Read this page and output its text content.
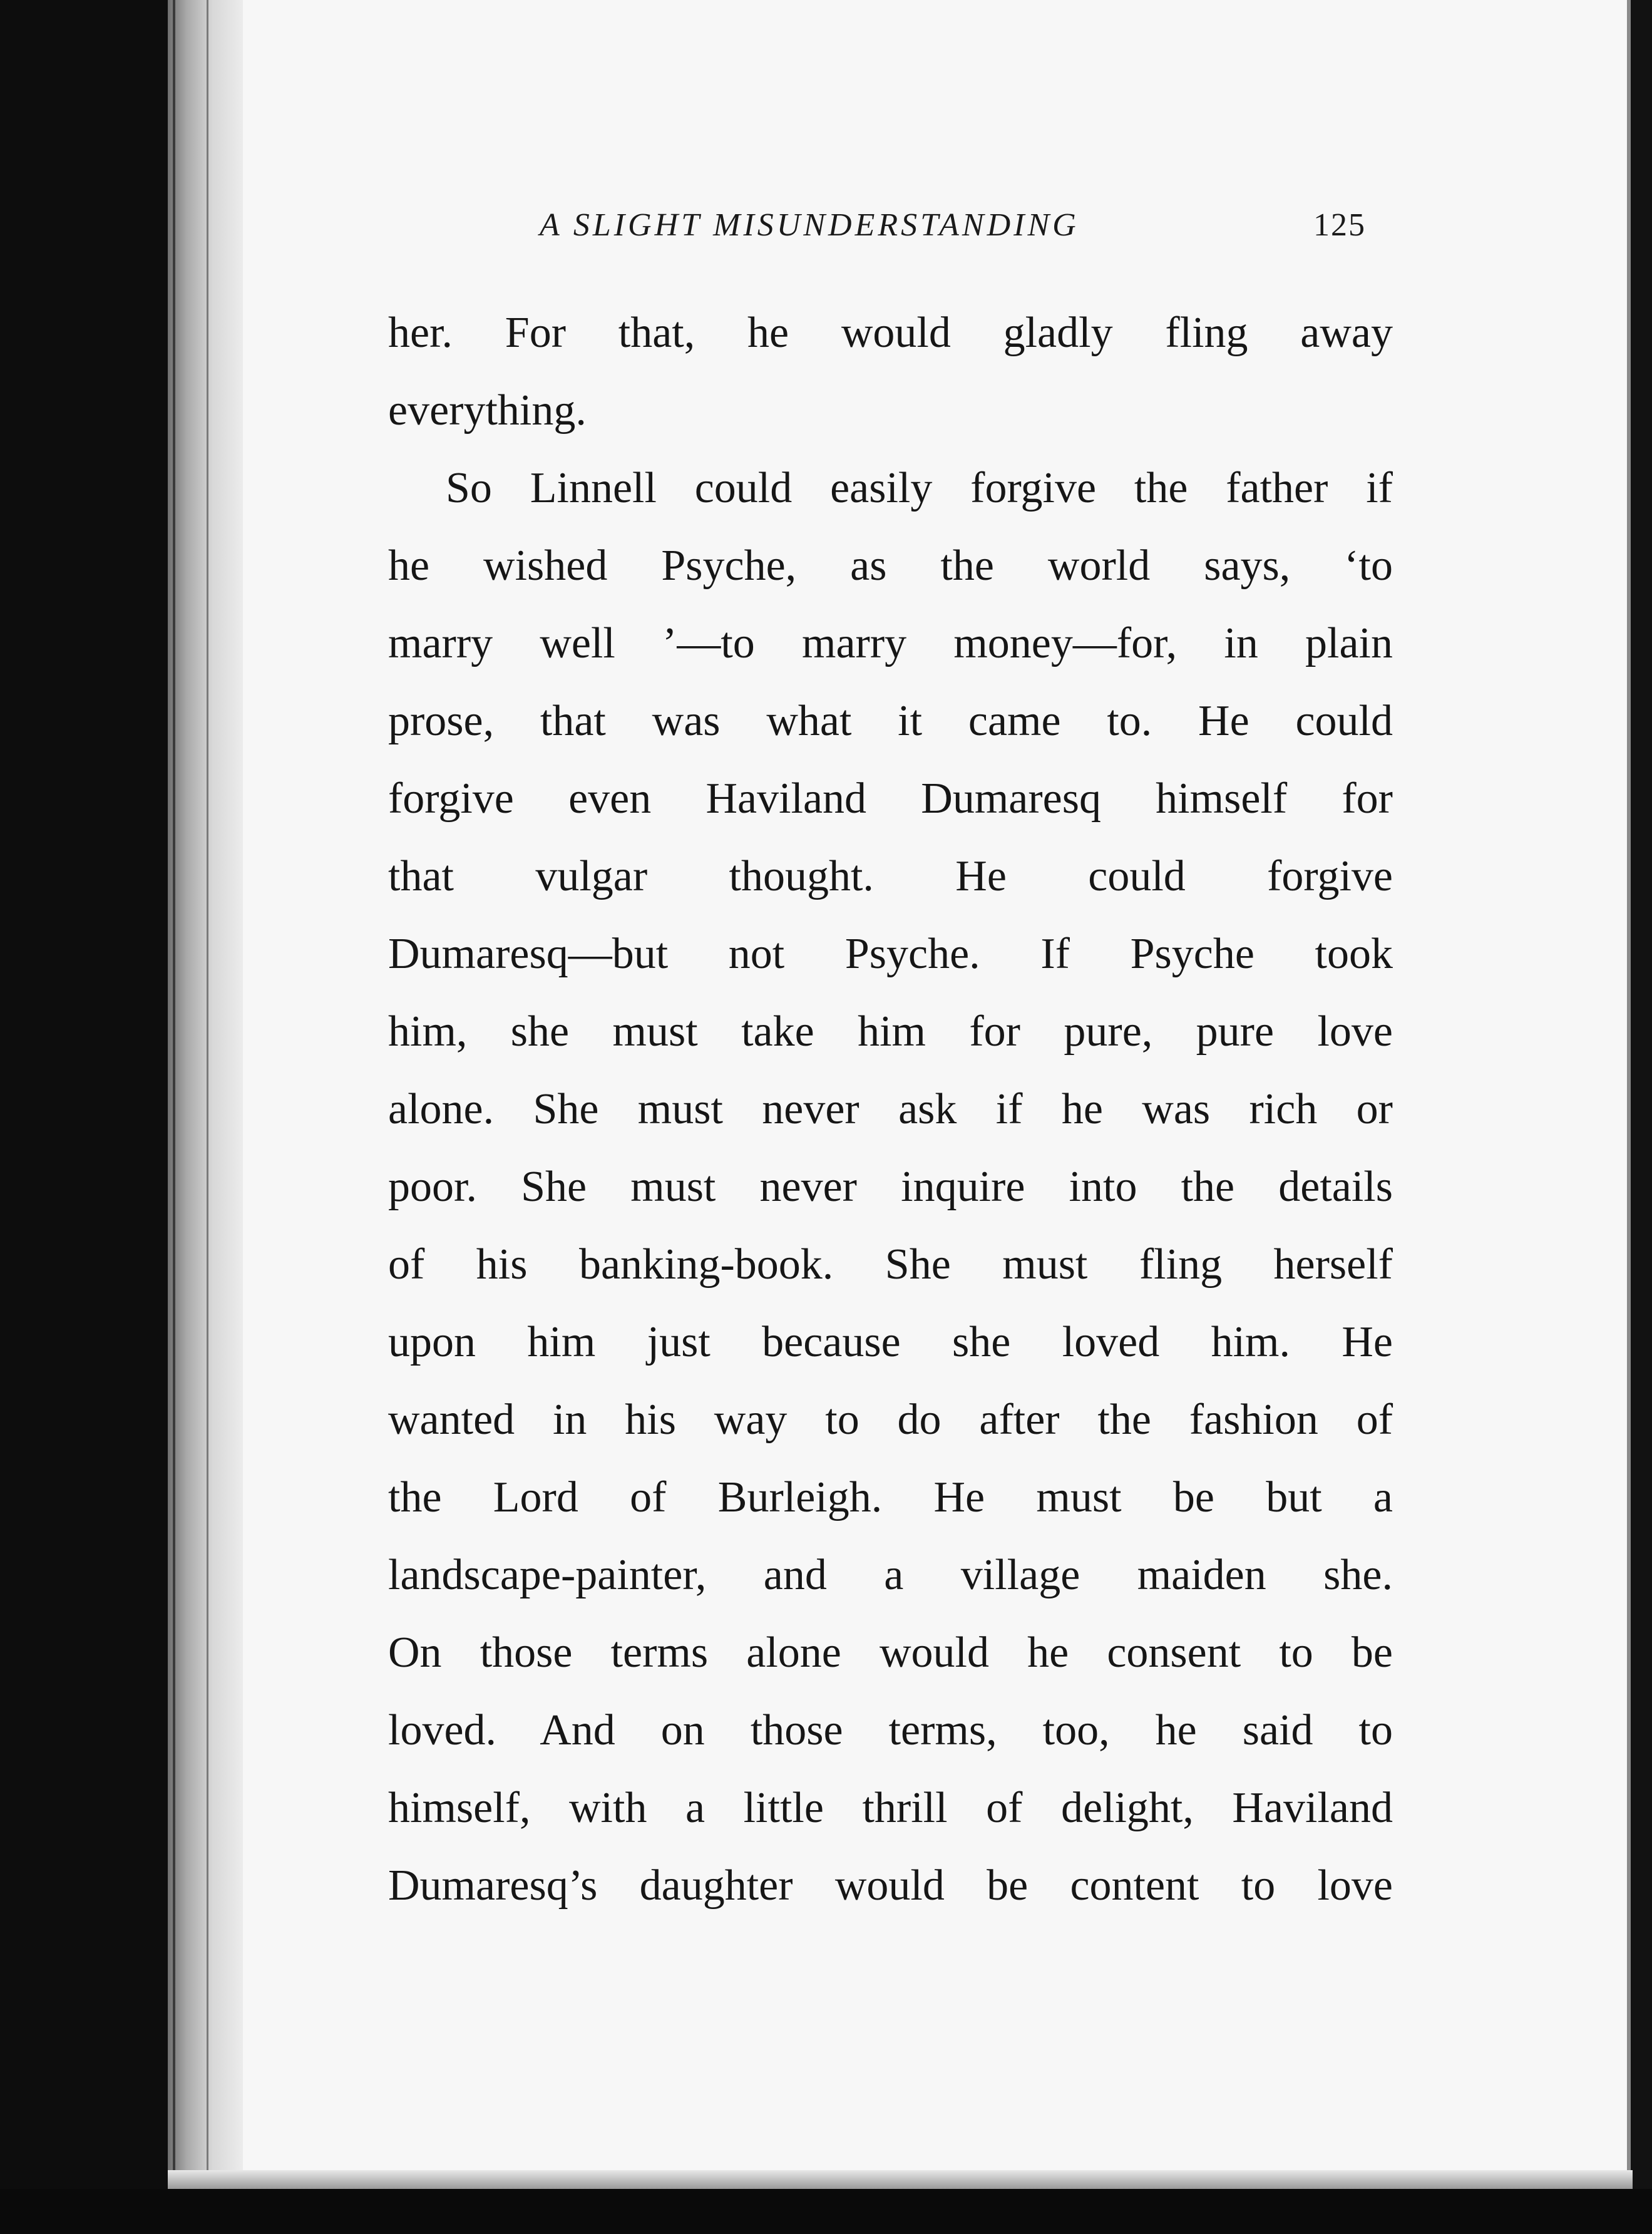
A SLIGHT MISUNDERSTANDING	125
her. For that, he would gladly fling away
everything.
So Linnell could easily forgive the father if
he wished Psyche, as the world says, ‘to
marry well ’—to marry money—for, in plain
prose, that was what it came to. He could
forgive even Haviland Dumaresq himself for
that vulgar thought. He could forgive
Dumaresq—but not Psyche. If Psyche took
him, she must take him for pure, pure love
alone. She must never ask if he was rich or
poor. She must never inquire into the details
of his banking-book. She must fling herself
upon him just because she loved him. He
wanted in his way to do after the fashion of
the Lord of Burleigh. He must be but a
landscape-painter, and a village maiden she.
On those terms alone would he consent to be
loved. And on those terms, too, he said to
himself, with a little thrill of delight, Haviland
Dumaresq’s daughter would be content to love
